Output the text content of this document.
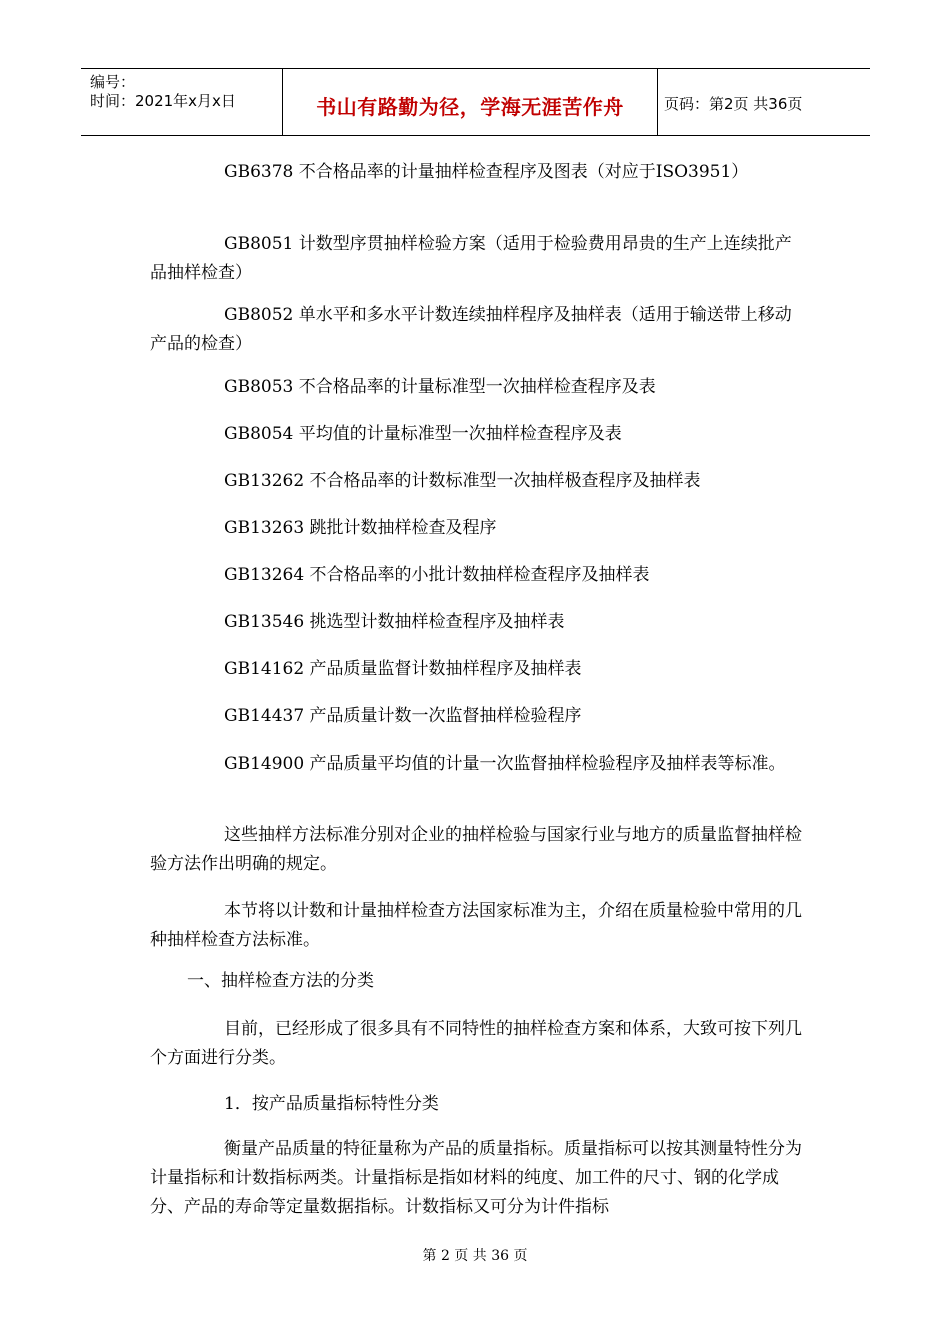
编号：
时间：2021年x月x日	书山有路勤为径，学海无涯苦作舟	页码：第2页 共36页

GB6378 不合格品率的计量抽样检查程序及图表（对应于ISO3951）

GB8051 计数型序贯抽样检验方案（适用于检验费用昂贵的生产上连续批产品抽样检查）

GB8052 单水平和多水平计数连续抽样程序及抽样表（适用于输送带上移动产品的检查）

GB8053 不合格品率的计量标准型一次抽样检查程序及表

GB8054 平均值的计量标准型一次抽样检查程序及表

GB13262 不合格品率的计数标准型一次抽样极查程序及抽样表

GB13263 跳批计数抽样检查及程序

GB13264 不合格品率的小批计数抽样检查程序及抽样表

GB13546 挑选型计数抽样检查程序及抽样表

GB14162 产品质量监督计数抽样程序及抽样表

GB14437 产品质量计数一次监督抽样检验程序

GB14900 产品质量平均值的计量一次监督抽样检验程序及抽样表等标准。

这些抽样方法标准分别对企业的抽样检验与国家行业与地方的质量监督抽样检验方法作出明确的规定。

本节将以计数和计量抽样检查方法国家标准为主，介绍在质量检验中常用的几种抽样检查方法标准。

一、抽样检查方法的分类

目前，已经形成了很多具有不同特性的抽样检查方案和体系，大致可按下列几个方面进行分类。

1．按产品质量指标特性分类

衡量产品质量的特征量称为产品的质量指标。质量指标可以按其测量特性分为计量指标和计数指标两类。计量指标是指如材料的纯度、加工件的尺寸、钢的化学成分、产品的寿命等定量数据指标。计数指标又可分为计件指标

第 2 页 共 36 页
